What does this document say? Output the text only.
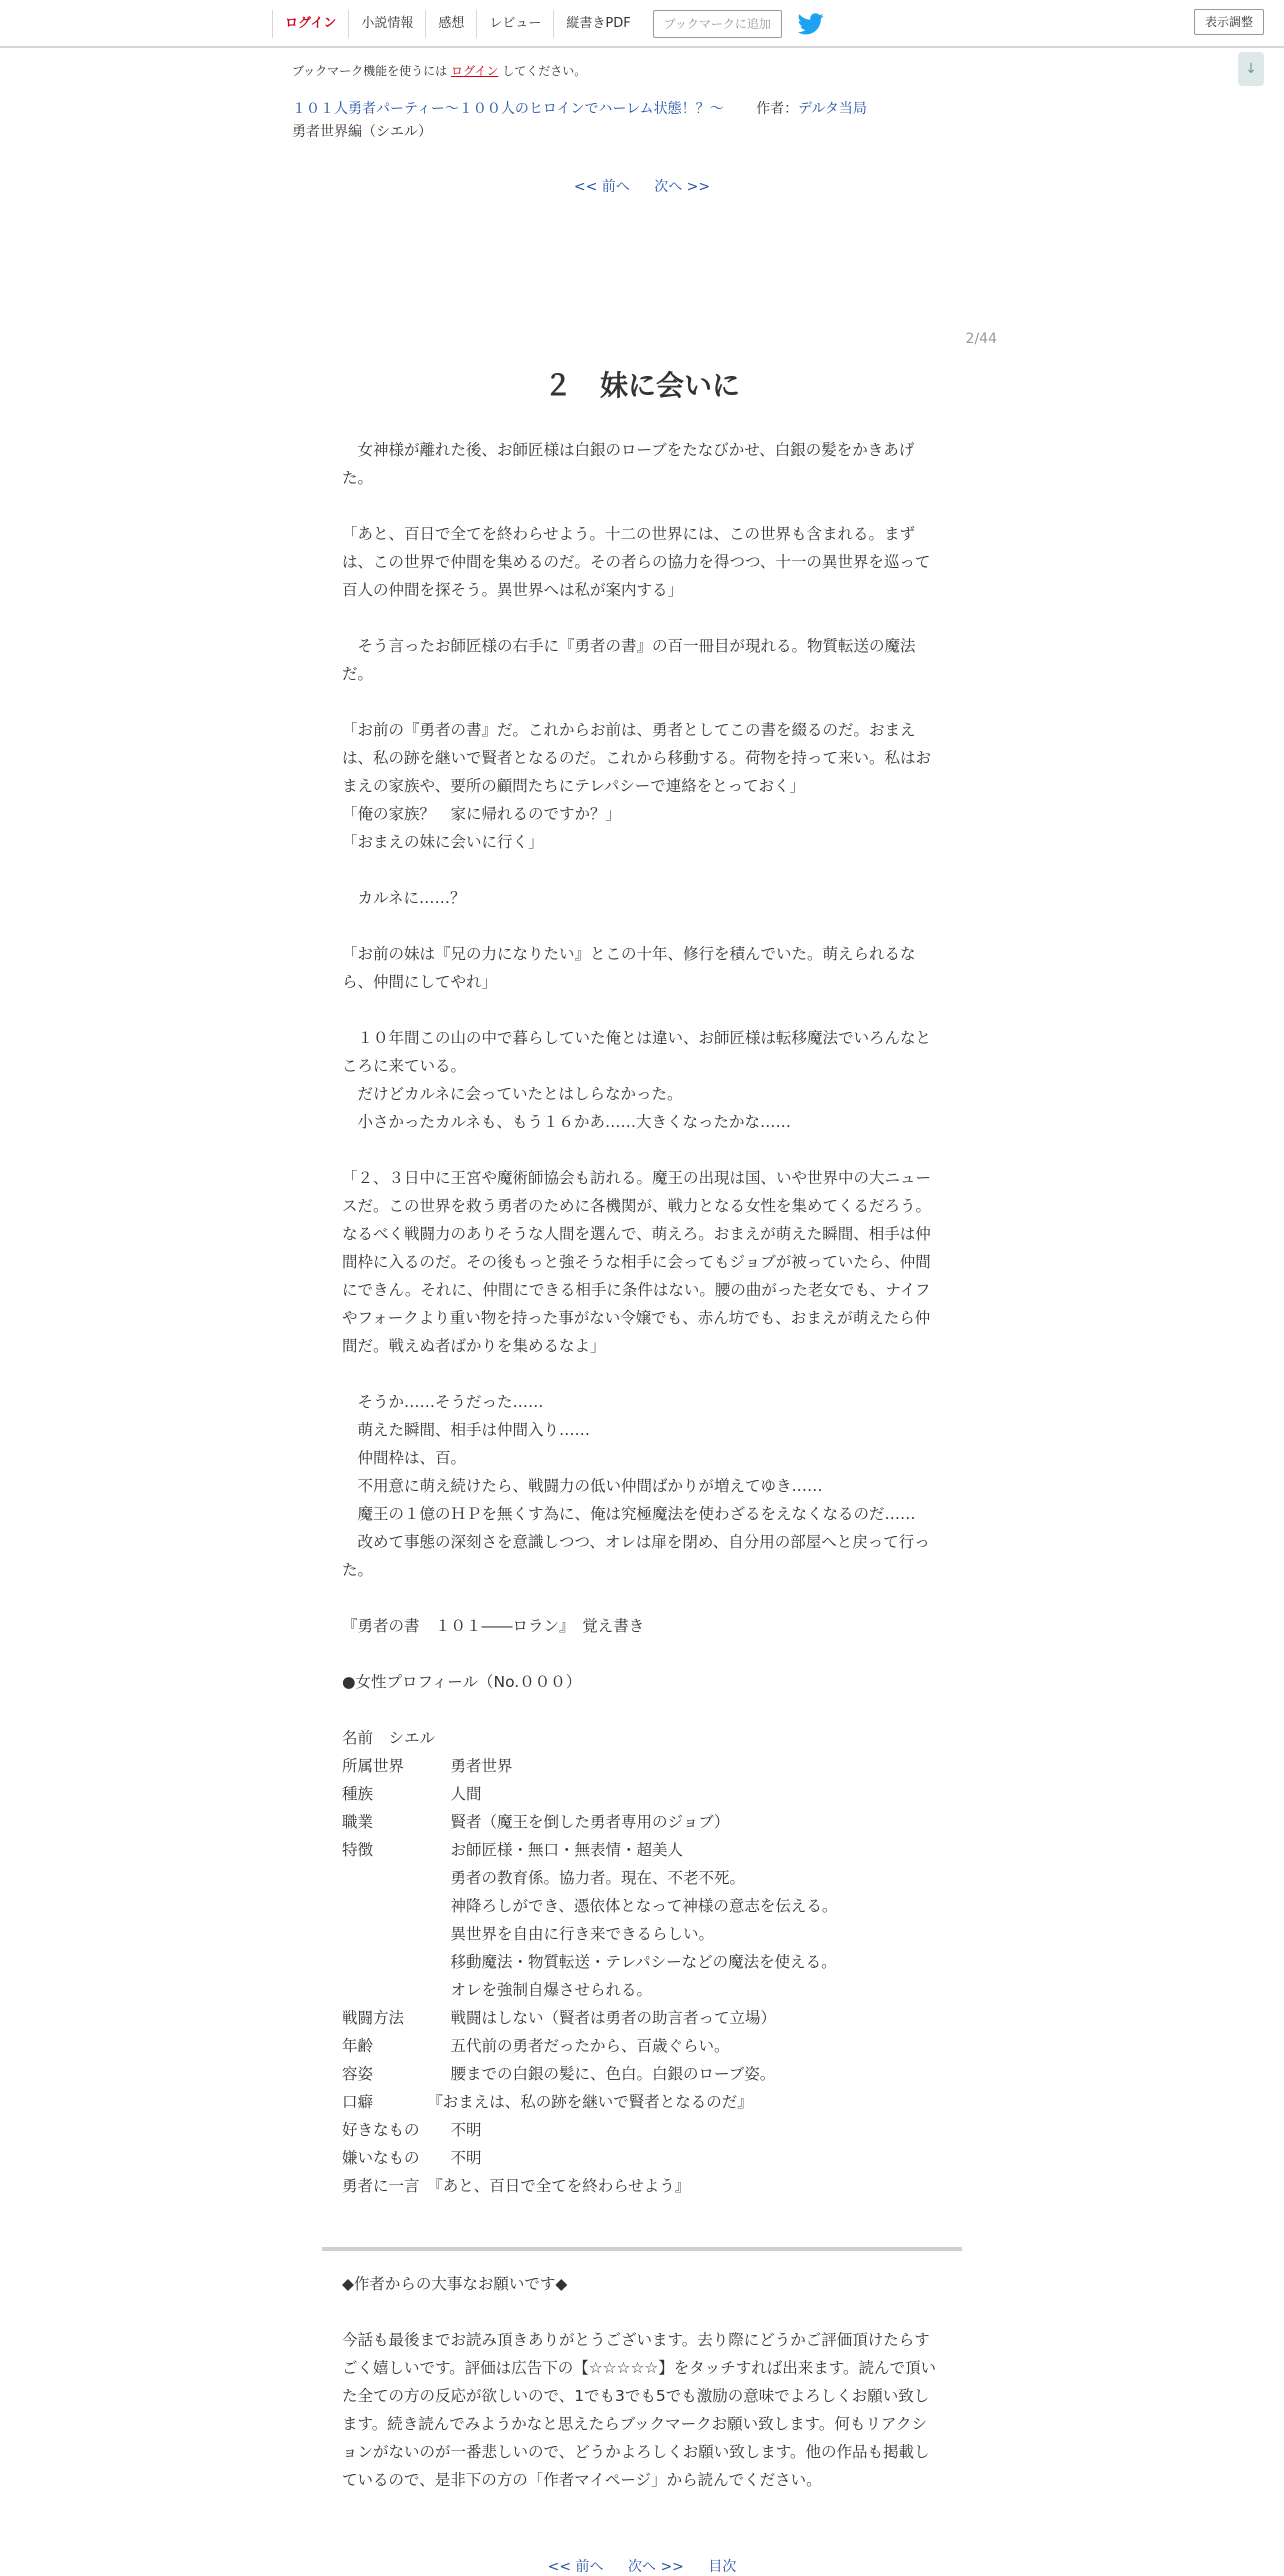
ログイン	小説情報	感想	レビュー	縦書きPDF	ブックマークに追加	表示調整
↓
ブックマーク機能を使うには ログイン してください。
１０１人勇者パーティー〜１００人のヒロインでハーレム状態！？〜 作者：デルタ当局
勇者世界編（シエル）
<< 前へ 次へ >>
2/44
２　妹に会いに

　女神様が離れた後、お師匠様は白銀のローブをたなびかせ、白銀の髪をかきあげた。

「あと、百日で全てを終わらせよう。十二の世界には、この世界も含まれる。まずは、この世界で仲間を集めるのだ。その者らの協力を得つつ、十一の異世界を巡って百人の仲間を探そう。異世界へは私が案内する」

　そう言ったお師匠様の右手に『勇者の書』の百一冊目が現れる。物質転送の魔法だ。

「お前の『勇者の書』だ。これからお前は、勇者としてこの書を綴るのだ。おまえは、私の跡を継いで賢者となるのだ。これから移動する。荷物を持って来い。私はおまえの家族や、要所の顧問たちにテレパシーで連絡をとっておく」

「俺の家族？　家に帰れるのですか？」

「おまえの妹に会いに行く」

　カルネに……？

「お前の妹は『兄の力になりたい』とこの十年、修行を積んでいた。萌えられるなら、仲間にしてやれ」

　１０年間この山の中で暮らしていた俺とは違い、お師匠様は転移魔法でいろんなところに来ている。

　だけどカルネに会っていたとはしらなかった。

　小さかったカルネも、もう１６かあ……大きくなったかな……

「２、３日中に王宮や魔術師協会も訪れる。魔王の出現は国、いや世界中の大ニュースだ。この世界を救う勇者のために各機関が、戦力となる女性を集めてくるだろう。なるべく戦闘力のありそうな人間を選んで、萌えろ。おまえが萌えた瞬間、相手は仲間枠に入るのだ。その後もっと強そうな相手に会ってもジョブが被っていたら、仲間にできん。それに、仲間にできる相手に条件はない。腰の曲がった老女でも、ナイフやフォークより重い物を持った事がない令嬢でも、赤ん坊でも、おまえが萌えたら仲間だ。戦えぬ者ばかりを集めるなよ」

　そうか……そうだった……

　萌えた瞬間、相手は仲間入り……

　仲間枠は、百。

　不用意に萌え続けたら、戦闘力の低い仲間ばかりが増えてゆき……

　魔王の１億のＨＰを無くす為に、俺は究極魔法を使わざるをえなくなるのだ……

　改めて事態の深刻さを意識しつつ、オレは扉を閉め、自分用の部屋へと戻って行った。

『勇者の書　１０１――ロラン』　覚え書き

●女性プロフィール（No.０００）

名前　シエル

所属世界　　　勇者世界

種族　　　　　人間

職業　　　　　賢者（魔王を倒した勇者専用のジョブ）

特徴　　　　　お師匠様・無口・無表情・超美人

　　　　　　　勇者の教育係。協力者。現在、不老不死。

　　　　　　　神降ろしができ、憑依体となって神様の意志を伝える。

　　　　　　　異世界を自由に行き来できるらしい。

　　　　　　　移動魔法・物質転送・テレパシーなどの魔法を使える。

　　　　　　　オレを強制自爆させられる。

戦闘方法　　　戦闘はしない（賢者は勇者の助言者って立場）

年齢　　　　　五代前の勇者だったから、百歳ぐらい。

容姿　　　　　腰までの白銀の髪に、色白。白銀のローブ姿。

口癖　　　　『おまえは、私の跡を継いで賢者となるのだ』

好きなもの　　不明

嫌いなもの　　不明

勇者に一言　『あと、百日で全てを終わらせよう』

◆作者からの大事なお願いです◆

今話も最後までお読み頂きありがとうございます。去り際にどうかご評価頂けたらすごく嬉しいです。評価は広告下の【☆☆☆☆☆】をタッチすれば出来ます。読んで頂いた全ての方の反応が欲しいので、1でも3でも5でも激励の意味でよろしくお願い致します。続き読んでみようかなと思えたらブックマークお願い致します。何もリアクションがないのが一番悲しいので、どうかよろしくお願い致します。他の作品も掲載しているので、是非下の方の「作者マイページ」から読んでください。

<< 前へ 次へ >> 目次
